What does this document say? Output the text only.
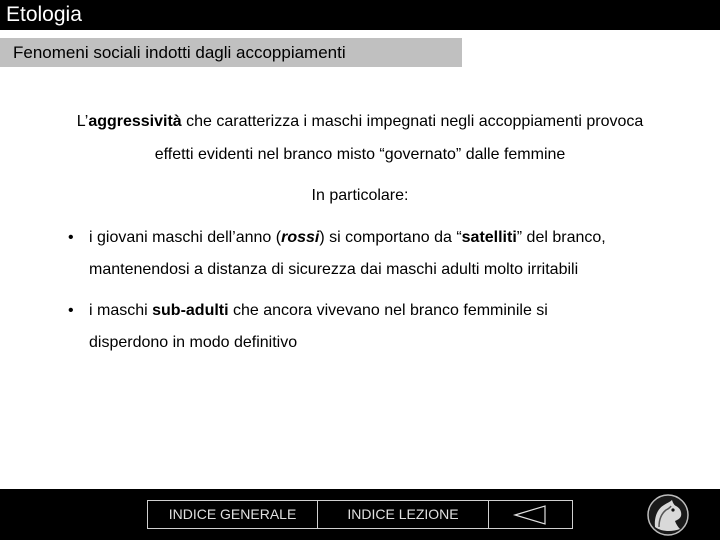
Etologia
Fenomeni sociali indotti dagli accoppiamenti
L’aggressività che caratterizza i maschi impegnati negli accoppiamenti provoca
effetti evidenti nel branco misto “governato” dalle femmine
In particolare:
• i giovani maschi dell’anno (rossi) si comportano da “satelliti” del branco,
mantenendosi a distanza di sicurezza dai maschi adulti molto irritabili
• i maschi sub-adulti che ancora vivevano nel branco femminile si
disperdono in modo definitivo
INDICE GENERALE	INDICE LEZIONE
